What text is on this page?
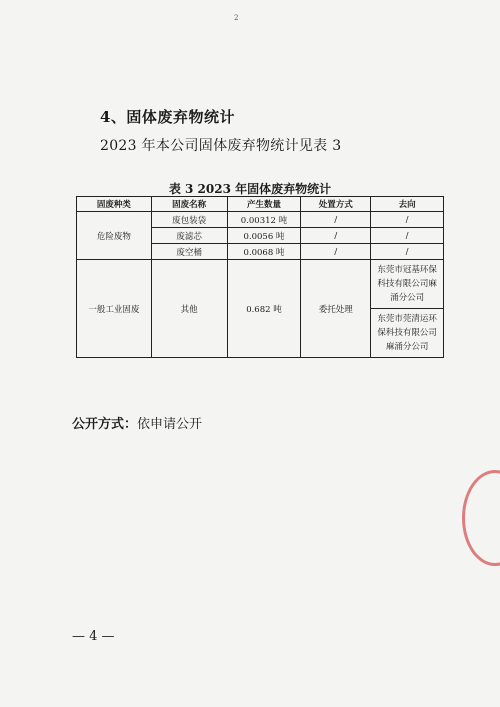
2
4、固体废弃物统计
2023 年本公司固体废弃物统计见表 3
表 3 2023 年固体废弃物统计
固废种类	固废名称	产生数量	处置方式	去向
危险废物	废包装袋	0.00312 吨	/	/
	废滤芯	0.0056 吨	/	/
	废空桶	0.0068 吨	/	/
一般工业固废	其他	0.682 吨	委托处理	东莞市冠基环保科技有限公司麻涌分公司
				东莞市莞清运环保科技有限公司麻涌分公司
公开方式：依申请公开
— 4 —
